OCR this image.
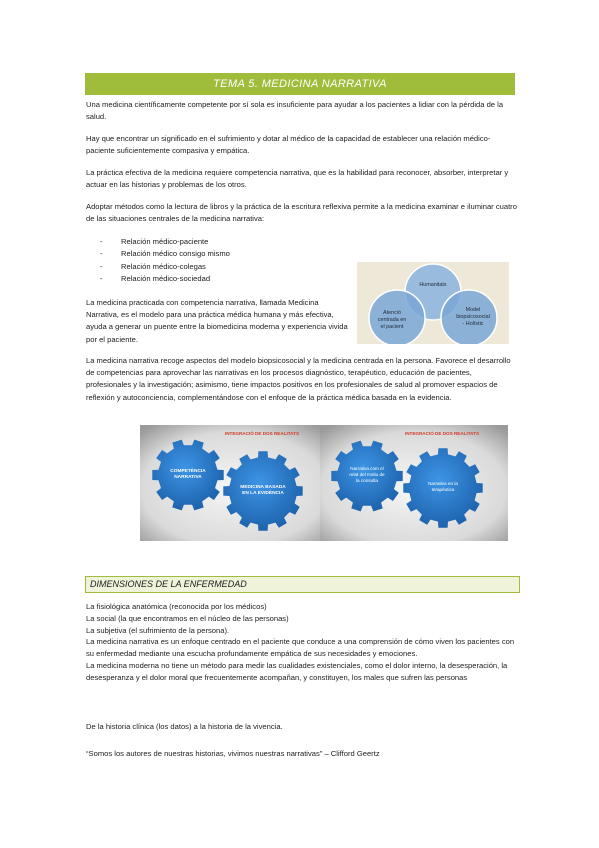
TEMA 5. MEDICINA NARRATIVA
Una medicina científicamente competente por sí sola es insuficiente para ayudar a los pacientes a lidiar con la pérdida de la salud.
Hay que encontrar un significado en el sufrimiento y dotar al médico de la capacidad de establecer una relación médico-paciente suficientemente compasiva y empática.
La práctica efectiva de la medicina requiere competencia narrativa, que es la habilidad para reconocer, absorber, interpretar y actuar en las historias y problemas de los otros.
Adoptar métodos como la lectura de libros y la práctica de la escritura reflexiva permite a la medicina examinar e iluminar cuatro de las situaciones centrales de la medicina narrativa:
- Relación médico-paciente
- Relación médico consigo mismo
- Relación médico-colegas
- Relación médico-sociedad
La medicina practicada con competencia narrativa, llamada Medicina Narrativa, es el modelo para una práctica médica humana y más efectiva, ayuda a generar un puente entre la biomedicina moderna y experiencia vivida por el paciente.
Humanitats
Atenció
centrada en
el pacient
Model
biopsicosocial
- Holístic
La medicina narrativa recoge aspectos del modelo biopsicosocial y la medicina centrada en la persona. Favorece el desarrollo de competencias para aprovechar las narrativas en los procesos diagnóstico, terapéutico, educación de pacientes, profesionales y la investigación; asimismo, tiene impactos positivos en los profesionales de salud al promover espacios de reflexión y autoconciencia, complementándose con el enfoque de la práctica médica basada en la evidencia.
INTEGRACIÓ DE DOS REALITATS
COMPETÈNCIA
NARRATIVA
MEDICINA BASADA
EN LA EVIDÈNCIA
INTEGRACIÓ DE DOS REALITATS
Narrativa com el
relat del motiu de
la consulta
Narrativa en la
terapèutica
DIMENSIONES DE LA ENFERMEDAD
La fisiológica anatómica (reconocida por los médicos)
La social (la que encontramos en el núcleo de las personas)
La subjetiva (el sufrimiento de la persona).
La medicina narrativa es un enfoque centrado en el paciente que conduce a una comprensión de cómo viven los pacientes con su enfermedad mediante una escucha profundamente empática de sus necesidades y emociones.
La medicina moderna no tiene un método para medir las cualidades existenciales, como el dolor interno, la desesperación, la desesperanza y el dolor moral que frecuentemente acompañan, y constituyen, los males que sufren las personas
De la historia clínica (los datos) a la historia de la vivencia.
“Somos los autores de nuestras historias, vivimos nuestras narrativas” – Clifford Geertz
